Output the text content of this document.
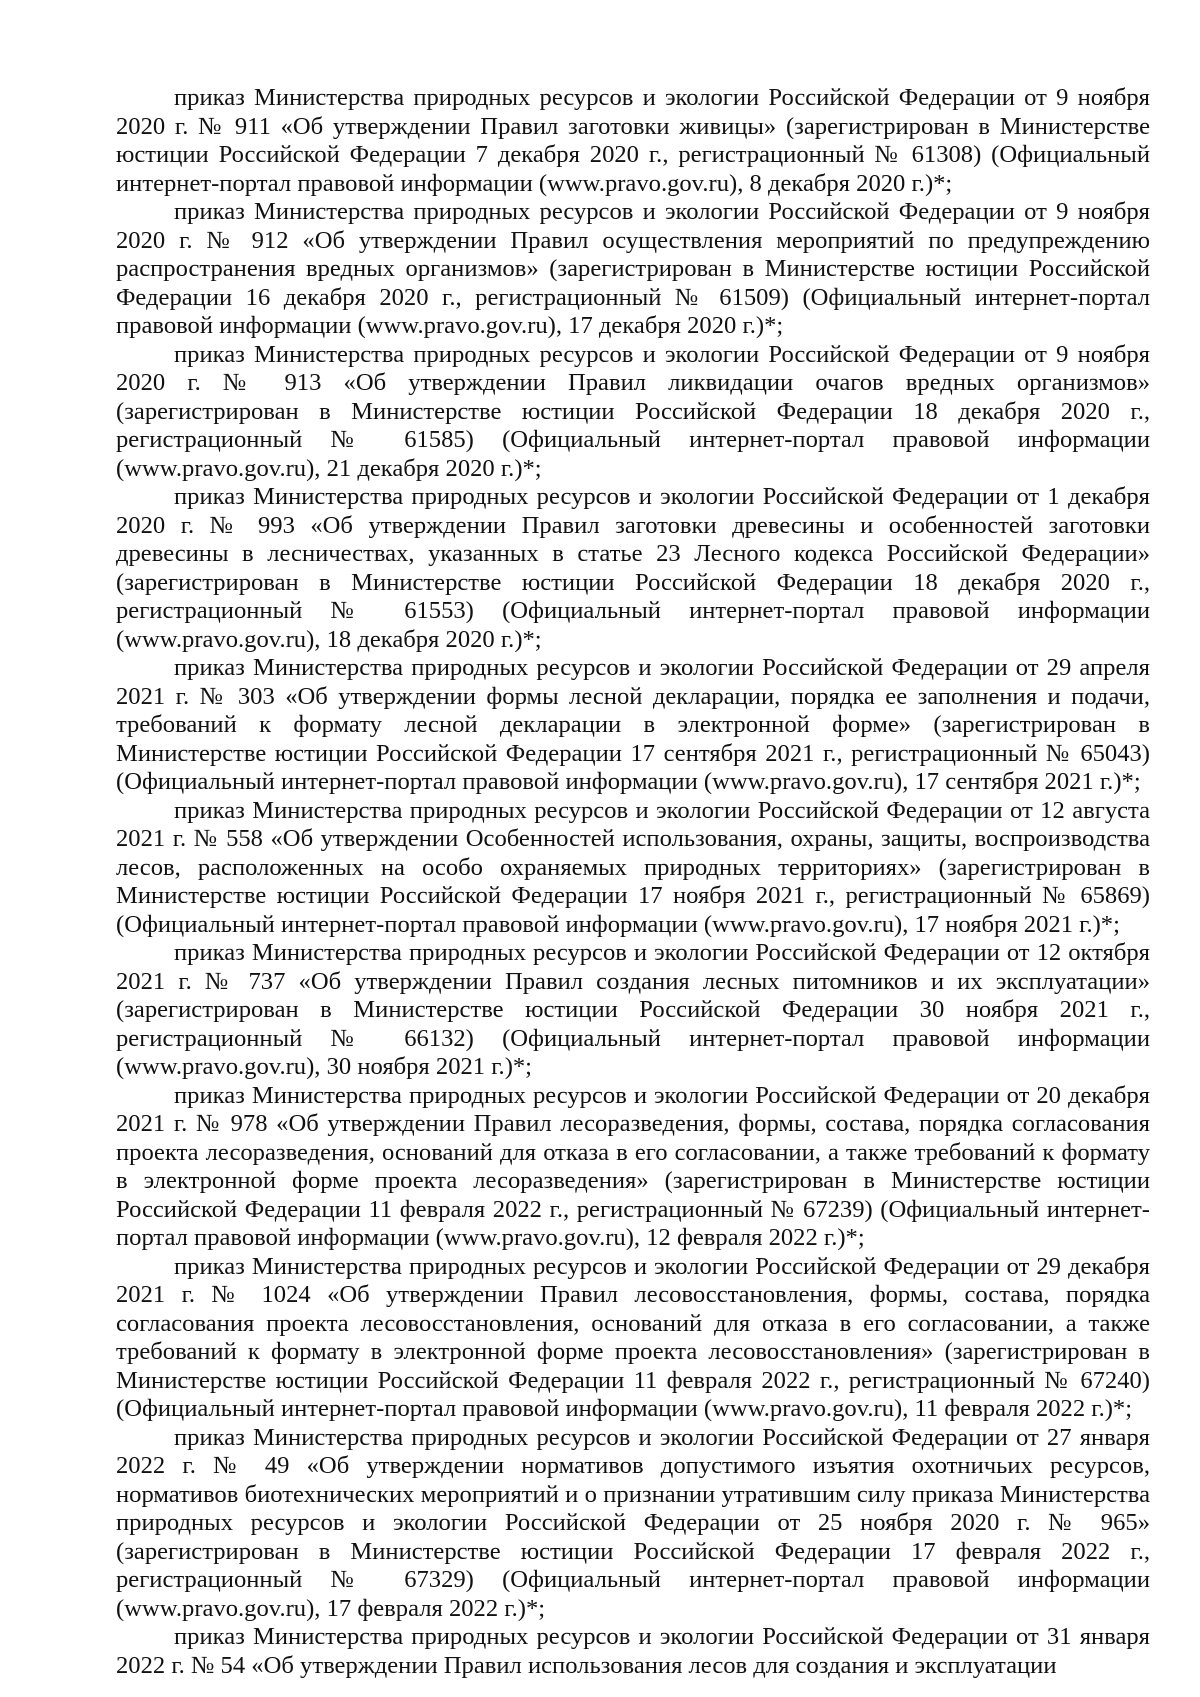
приказ Министерства природных ресурсов и экологии Российской Федерации от 9 ноября 2020 г. № 911 «Об утверждении Правил заготовки живицы» (зарегистрирован в Министерстве юстиции Российской Федерации 7 декабря 2020 г., регистрационный № 61308) (Официальный интернет-портал правовой информации (www.pravo.gov.ru), 8 декабря 2020 г.)*;

приказ Министерства природных ресурсов и экологии Российской Федерации от 9 ноября 2020 г. № 912 «Об утверждении Правил осуществления мероприятий по предупреждению распространения вредных организмов» (зарегистрирован в Министерстве юстиции Российской Федерации 16 декабря 2020 г., регистрационный № 61509) (Официальный интернет-портал правовой информации (www.pravo.gov.ru), 17 декабря 2020 г.)*;

приказ Министерства природных ресурсов и экологии Российской Федерации от 9 ноября 2020 г. № 913 «Об утверждении Правил ликвидации очагов вредных организмов» (зарегистрирован в Министерстве юстиции Российской Федерации 18 декабря 2020 г., регистрационный № 61585) (Официальный интернет-портал правовой информации (www.pravo.gov.ru), 21 декабря 2020 г.)*;

приказ Министерства природных ресурсов и экологии Российской Федерации от 1 декабря 2020 г. № 993 «Об утверждении Правил заготовки древесины и особенностей заготовки древесины в лесничествах, указанных в статье 23 Лесного кодекса Российской Федерации» (зарегистрирован в Министерстве юстиции Российской Федерации 18 декабря 2020 г., регистрационный № 61553) (Официальный интернет-портал правовой информации (www.pravo.gov.ru), 18 декабря 2020 г.)*;

приказ Министерства природных ресурсов и экологии Российской Федерации от 29 апреля 2021 г. № 303 «Об утверждении формы лесной декларации, порядка ее заполнения и подачи, требований к формату лесной декларации в электронной форме» (зарегистрирован в Министерстве юстиции Российской Федерации 17 сентября 2021 г., регистрационный № 65043) (Официальный интернет-портал правовой информации (www.pravo.gov.ru), 17 сентября 2021 г.)*;

приказ Министерства природных ресурсов и экологии Российской Федерации от 12 августа 2021 г. № 558 «Об утверждении Особенностей использования, охраны, защиты, воспроизводства лесов, расположенных на особо охраняемых природных территориях» (зарегистрирован в Министерстве юстиции Российской Федерации 17 ноября 2021 г., регистрационный № 65869) (Официальный интернет-портал правовой информации (www.pravo.gov.ru), 17 ноября 2021 г.)*;

приказ Министерства природных ресурсов и экологии Российской Федерации от 12 октября 2021 г. № 737 «Об утверждении Правил создания лесных питомников и их эксплуатации» (зарегистрирован в Министерстве юстиции Российской Федерации 30 ноября 2021 г., регистрационный № 66132) (Официальный интернет-портал правовой информации (www.pravo.gov.ru), 30 ноября 2021 г.)*;

приказ Министерства природных ресурсов и экологии Российской Федерации от 20 декабря 2021 г. № 978 «Об утверждении Правил лесоразведения, формы, состава, порядка согласования проекта лесоразведения, оснований для отказа в его согласовании, а также требований к формату в электронной форме проекта лесоразведения» (зарегистрирован в Министерстве юстиции Российской Федерации 11 февраля 2022 г., регистрационный № 67239) (Официальный интернет-портал правовой информации (www.pravo.gov.ru), 12 февраля 2022 г.)*;

приказ Министерства природных ресурсов и экологии Российской Федерации от 29 декабря 2021 г. № 1024 «Об утверждении Правил лесовосстановления, формы, состава, порядка согласования проекта лесовосстановления, оснований для отказа в его согласовании, а также требований к формату в электронной форме проекта лесовосстановления» (зарегистрирован в Министерстве юстиции Российской Федерации 11 февраля 2022 г., регистрационный № 67240) (Официальный интернет-портал правовой информации (www.pravo.gov.ru), 11 февраля 2022 г.)*;

приказ Министерства природных ресурсов и экологии Российской Федерации от 27 января 2022 г. № 49 «Об утверждении нормативов допустимого изъятия охотничьих ресурсов, нормативов биотехнических мероприятий и о признании утратившим силу приказа Министерства природных ресурсов и экологии Российской Федерации от 25 ноября 2020 г. № 965» (зарегистрирован в Министерстве юстиции Российской Федерации 17 февраля 2022 г., регистрационный № 67329) (Официальный интернет-портал правовой информации (www.pravo.gov.ru), 17 февраля 2022 г.)*;

приказ Министерства природных ресурсов и экологии Российской Федерации от 31 января 2022 г. № 54 «Об утверждении Правил использования лесов для создания и эксплуатации
